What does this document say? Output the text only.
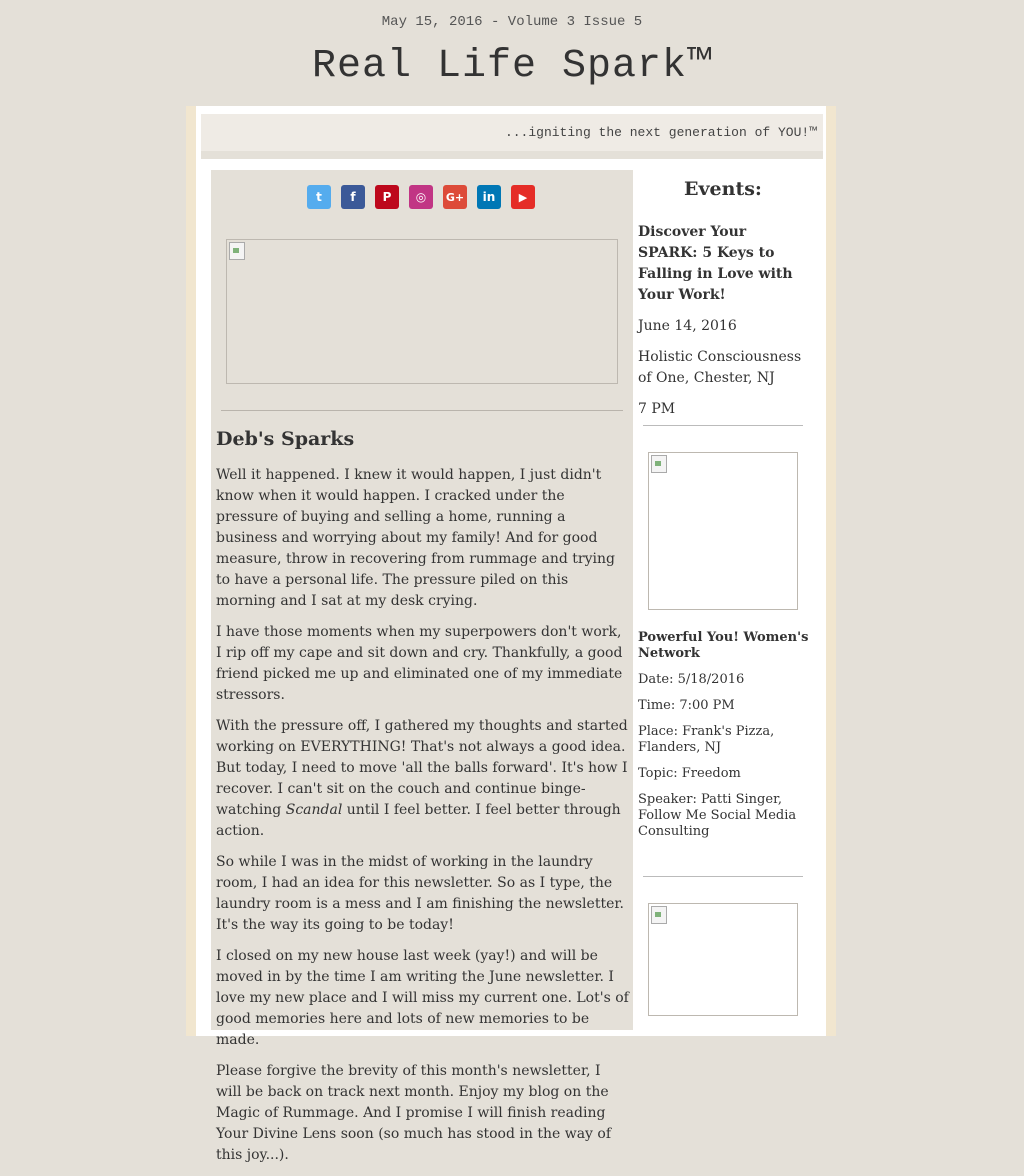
May 15, 2016 - Volume 3 Issue 5
Real Life Spark™
...igniting the next generation of YOU!™
t	f	P	◎	G+	in	▶
Deb's Sparks

Well it happened. I knew it would happen, I just didn't know when it would happen. I cracked under the pressure of buying and selling a home, running a business and worrying about my family! And for good measure, throw in recovering from rummage and trying to have a personal life. The pressure piled on this morning and I sat at my desk crying.

I have those moments when my superpowers don't work, I rip off my cape and sit down and cry. Thankfully, a good friend picked me up and eliminated one of my immediate stressors.

With the pressure off, I gathered my thoughts and started working on EVERYTHING! That's not always a good idea. But today, I need to move 'all the balls forward'. It's how I recover. I can't sit on the couch and continue binge-watching Scandal until I feel better. I feel better through action.

So while I was in the midst of working in the laundry room, I had an idea for this newsletter. So as I type, the laundry room is a mess and I am finishing the newsletter. It's the way its going to be today!

I closed on my new house last week (yay!) and will be moved in by the time I am writing the June newsletter. I love my new place and I will miss my current one. Lot's of good memories here and lots of new memories to be made.

Please forgive the brevity of this month's newsletter, I will be back on track next month. Enjoy my blog on the Magic of Rummage. And I promise I will finish reading Your Divine Lens soon (so much has stood in the way of this joy...).

Events:

Discover Your SPARK: 5 Keys to Falling in Love with Your Work!

June 14, 2016

Holistic Consciousness of One, Chester, NJ

7 PM

Powerful You! Women's Network

Date: 5/18/2016

Time: 7:00 PM

Place: Frank's Pizza, Flanders, NJ

Topic: Freedom

Speaker: Patti Singer, Follow Me Social Media Consulting
